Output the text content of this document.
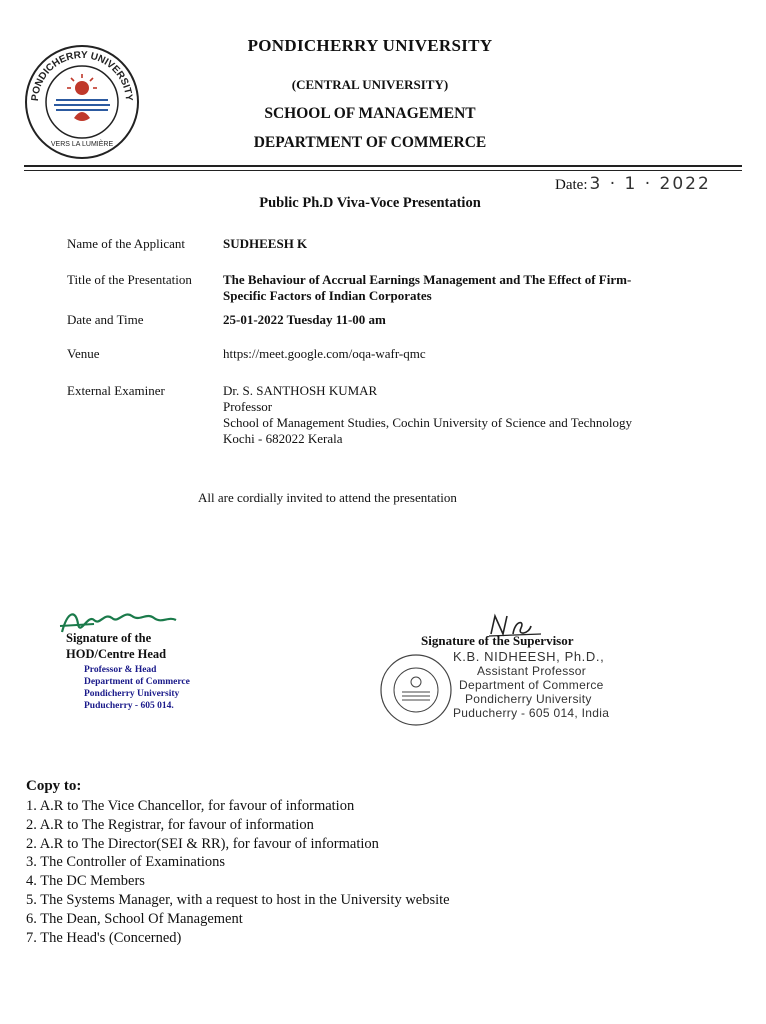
PONDICHERRY UNIVERSITY
VERS LA LUMIÈRE
PONDICHERRY UNIVERSITY
(CENTRAL UNIVERSITY)
SCHOOL OF MANAGEMENT
DEPARTMENT OF COMMERCE
Date: 3 · 1 · 2022
Public Ph.D Viva-Voce Presentation
Name of the Applicant	SUDHEESH K
Title of the Presentation	The Behaviour of Accrual Earnings Management and The Effect of Firm-
Specific Factors of Indian Corporates
Date and Time	25-01-2022 Tuesday 11-00 am
Venue	https://meet.google.com/oqa-wafr-qmc
External Examiner	Dr. S. SANTHOSH KUMAR
Professor
School of Management Studies, Cochin University of Science and Technology
Kochi - 682022 Kerala
All are cordially invited to attend the presentation
Signature of the
HOD/Centre Head
Professor & Head
Department of Commerce
Pondicherry University
Puducherry - 605 014.
Signature of the Supervisor
K.B. NIDHEESH, Ph.D.,
Assistant Professor
Department of Commerce
Pondicherry University
Puducherry - 605 014, India
Copy to:
1. A.R to The Vice Chancellor, for favour of information
2. A.R to The Registrar, for favour of information
2. A.R to The Director(SEI & RR), for favour of information
3. The Controller of Examinations
4. The DC Members
5. The Systems Manager, with a request to host in the University website
6. The Dean, School Of Management
7. The Head's (Concerned)
